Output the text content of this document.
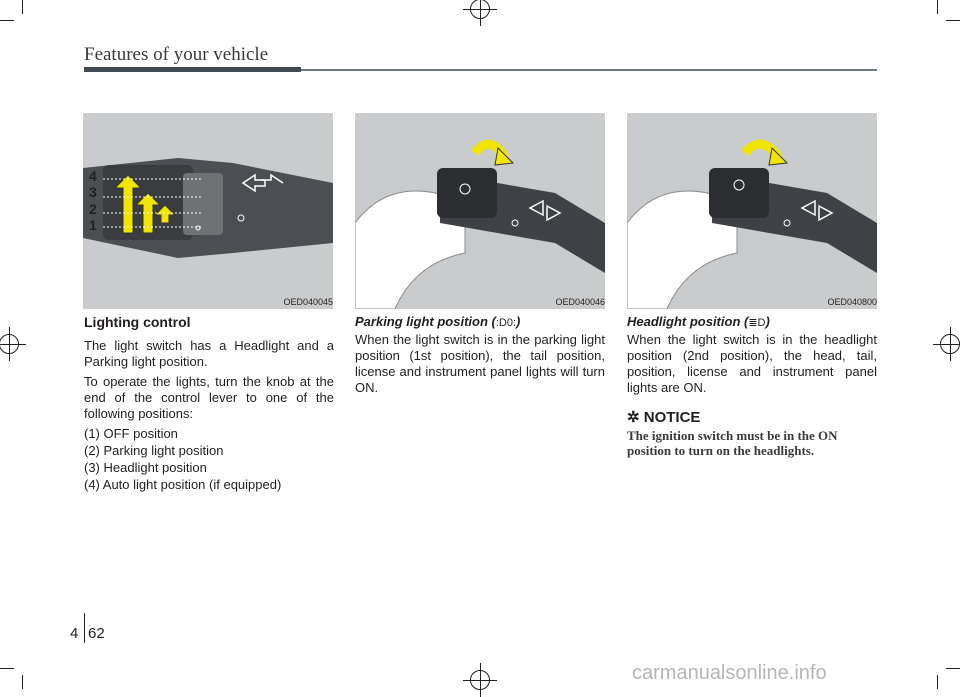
Features of your vehicle
4
3
2
1
OED040045	OED040046	OED040800
Lighting control

The light switch has a Headlight and a Parking light position.

To operate the lights, turn the knob at the end of the control lever to one of the following positions:

(1) OFF position
(2) Parking light position
(3) Headlight position
(4) Auto light position (if equipped)
Parking light position (:D0:)

When the light switch is in the parking light position (1st position), the tail position, license and instrument panel lights will turn ON.

Headlight position (≣D)

When the light switch is in the headlight position (2nd position), the head, tail, position, license and instrument panel lights are ON.

✲ NOTICE
The ignition switch must be in the ON position to turn on the headlights.
4 62
carmanualsonline.info
